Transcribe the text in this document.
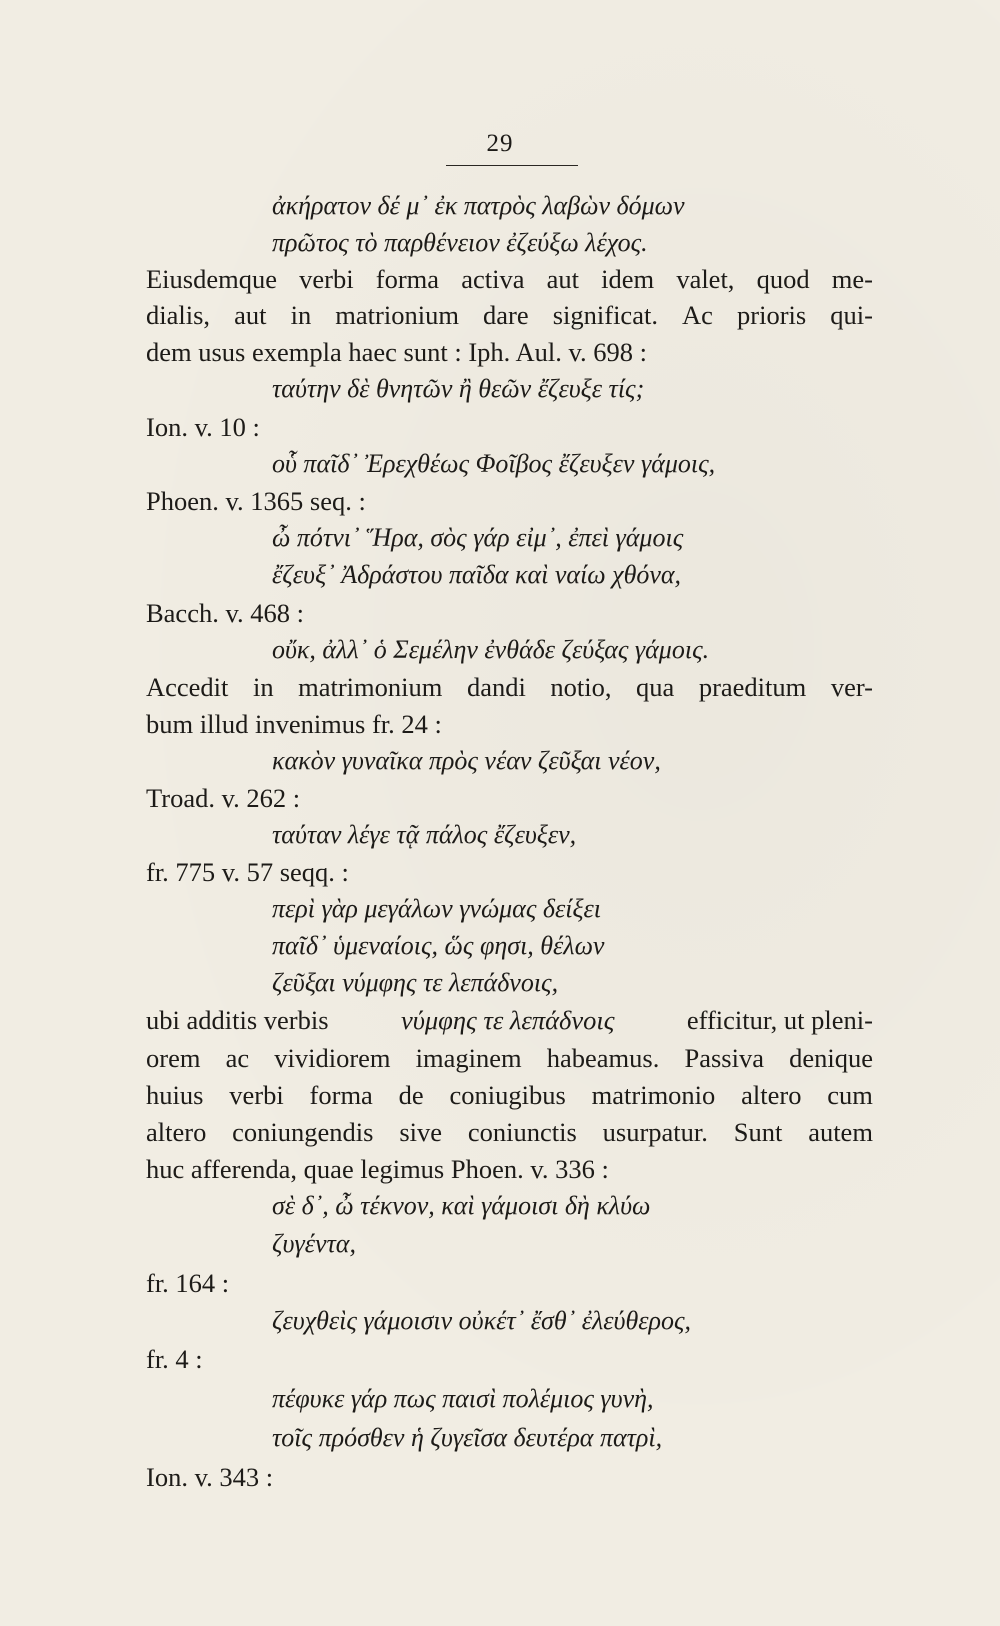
29
ἀκήρατον δέ μ᾽ ἐκ πατρὸς λαβὼν δόμων
πρῶτος τὸ παρθένειον ἐζεύξω λέχος.
Eiusdemque verbi forma activa aut idem valet, quod me-
dialis, aut in matrionium dare significat. Ac prioris qui-
dem usus exempla haec sunt : Iph. Aul. v. 698 :
ταύτην δὲ θνητῶν ἢ θεῶν ἔζευξε τίς;
Ion. v. 10 :
οὗ παῖδ᾽ Ἐρεχθέως Φοῖβος ἔζευξεν γάμοις,
Phoen. v. 1365 seq. :
ὦ πότνι᾽ Ἥρα, σὸς γάρ εἰμ᾽, ἐπεὶ γάμοις
ἔζευξ᾽ Ἀδράστου παῖδα καὶ ναίω χθόνα,
Bacch. v. 468 :
οὔκ, ἀλλ᾽ ὁ Σεμέλην ἐνθάδε ζεύξας γάμοις.
Accedit in matrimonium dandi notio, qua praeditum ver-
bum illud invenimus fr. 24 :
κακὸν γυναῖκα πρὸς νέαν ζεῦξαι νέον,
Troad. v. 262 :
ταύταν λέγε τᾷ πάλος ἔζευξεν,
fr. 775 v. 57 seqq. :
περὶ γὰρ μεγάλων γνώμας δείξει
παῖδ᾽ ὑμεναίοις, ὥς φησι, θέλων
ζεῦξαι νύμφης τε λεπάδνοις,
ubi additis verbis	νύμφης τε λεπάδνοις	efficitur, ut pleni-
orem ac vividiorem imaginem habeamus. Passiva denique
huius verbi forma de coniugibus matrimonio altero cum
altero coniungendis sive coniunctis usurpatur. Sunt autem
huc afferenda, quae legimus Phoen. v. 336 :
σὲ δ᾽, ὦ τέκνον, καὶ γάμοισι δὴ κλύω
ζυγέντα,
fr. 164 :
ζευχθεὶς γάμοισιν οὐκέτ᾽ ἔσθ᾽ ἐλεύθερος,
fr. 4 :
πέφυκε γάρ πως παισὶ πολέμιος γυνὴ,
τοῖς πρόσθεν ἡ ζυγεῖσα δευτέρα πατρὶ,
Ion. v. 343 :
